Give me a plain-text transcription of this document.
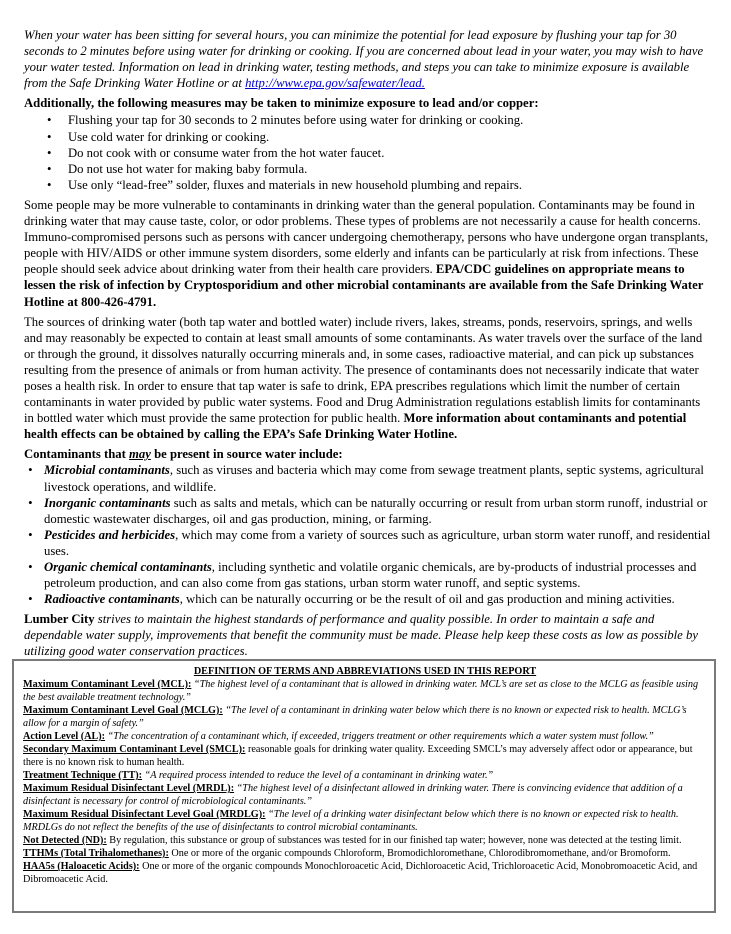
When your water has been sitting for several hours, you can minimize the potential for lead exposure by flushing your tap for 30 seconds to 2 minutes before using water for drinking or cooking. If you are concerned about lead in your water, you may wish to have your water tested. Information on lead in drinking water, testing methods, and steps you can take to minimize exposure is available from the Safe Drinking Water Hotline or at http://www.epa.gov/safewater/lead.

Additionally, the following measures may be taken to minimize exposure to lead and/or copper:

• Flushing your tap for 30 seconds to 2 minutes before using water for drinking or cooking.
• Use cold water for drinking or cooking.
• Do not cook with or consume water from the hot water faucet.
• Do not use hot water for making baby formula.
• Use only “lead-free” solder, fluxes and materials in new household plumbing and repairs.

Some people may be more vulnerable to contaminants in drinking water than the general population. Contaminants may be found in drinking water that may cause taste, color, or odor problems. These types of problems are not necessarily a cause for health concerns. Immuno-compromised persons such as persons with cancer undergoing chemotherapy, persons who have undergone organ transplants, people with HIV/AIDS or other immune system disorders, some elderly and infants can be particularly at risk from infections. These people should seek advice about drinking water from their health care providers. EPA/CDC guidelines on appropriate means to lessen the risk of infection by Cryptosporidium and other microbial contaminants are available from the Safe Drinking Water Hotline at 800-426-4791.

The sources of drinking water (both tap water and bottled water) include rivers, lakes, streams, ponds, reservoirs, springs, and wells and may reasonably be expected to contain at least small amounts of some contaminants. As water travels over the surface of the land or through the ground, it dissolves naturally occurring minerals and, in some cases, radioactive material, and can pick up substances resulting from the presence of animals or from human activity. The presence of contaminants does not necessarily indicate that water poses a health risk. In order to ensure that tap water is safe to drink, EPA prescribes regulations which limit the number of certain contaminants in water provided by public water systems. Food and Drug Administration regulations establish limits for contaminants in bottled water which must provide the same protection for public health. More information about contaminants and potential health effects can be obtained by calling the EPA’s Safe Drinking Water Hotline.

Contaminants that may be present in source water include:

• Microbial contaminants, such as viruses and bacteria which may come from sewage treatment plants, septic systems, agricultural livestock operations, and wildlife.
• Inorganic contaminants such as salts and metals, which can be naturally occurring or result from urban storm runoff, industrial or domestic wastewater discharges, oil and gas production, mining, or farming.
• Pesticides and herbicides, which may come from a variety of sources such as agriculture, urban storm water runoff, and residential uses.
• Organic chemical contaminants, including synthetic and volatile organic chemicals, are by-products of industrial processes and petroleum production, and can also come from gas stations, urban storm water runoff, and septic systems.
• Radioactive contaminants, which can be naturally occurring or be the result of oil and gas production and mining activities.

Lumber City strives to maintain the highest standards of performance and quality possible. In order to maintain a safe and dependable water supply, improvements that benefit the community must be made. Please help keep these costs as low as possible by utilizing good water conservation practices.

DEFINITION OF TERMS AND ABBREVIATIONS USED IN THIS REPORT
Maximum Contaminant Level (MCL): “The highest level of a contaminant that is allowed in drinking water. MCL’s are set as close to the MCLG as feasible using the best available treatment technology.”
Maximum Contaminant Level Goal (MCLG): “The level of a contaminant in drinking water below which there is no known or expected risk to health. MCLG’s allow for a margin of safety.”
Action Level (AL): “The concentration of a contaminant which, if exceeded, triggers treatment or other requirements which a water system must follow.”
Secondary Maximum Contaminant Level (SMCL): reasonable goals for drinking water quality. Exceeding SMCL’s may adversely affect odor or appearance, but there is no known risk to human health.
Treatment Technique (TT): “A required process intended to reduce the level of a contaminant in drinking water.”
Maximum Residual Disinfectant Level (MRDL): “The highest level of a disinfectant allowed in drinking water. There is convincing evidence that addition of a disinfectant is necessary for control of microbiological contaminants.”
Maximum Residual Disinfectant Level Goal (MRDLG): “The level of a drinking water disinfectant below which there is no known or expected risk to health. MRDLGs do not reflect the benefits of the use of disinfectants to control microbial contaminants.
Not Detected (ND): By regulation, this substance or group of substances was tested for in our finished tap water; however, none was detected at the testing limit.
TTHMs (Total Trihalomethanes): One or more of the organic compounds Chloroform, Bromodichloromethane, Chlorodibromomethane, and/or Bromoform.
HAA5s (Haloacetic Acids): One or more of the organic compounds Monochloroacetic Acid, Dichloroacetic Acid, Trichloroacetic Acid, Monobromoacetic Acid, and Dibromoacetic Acid.
